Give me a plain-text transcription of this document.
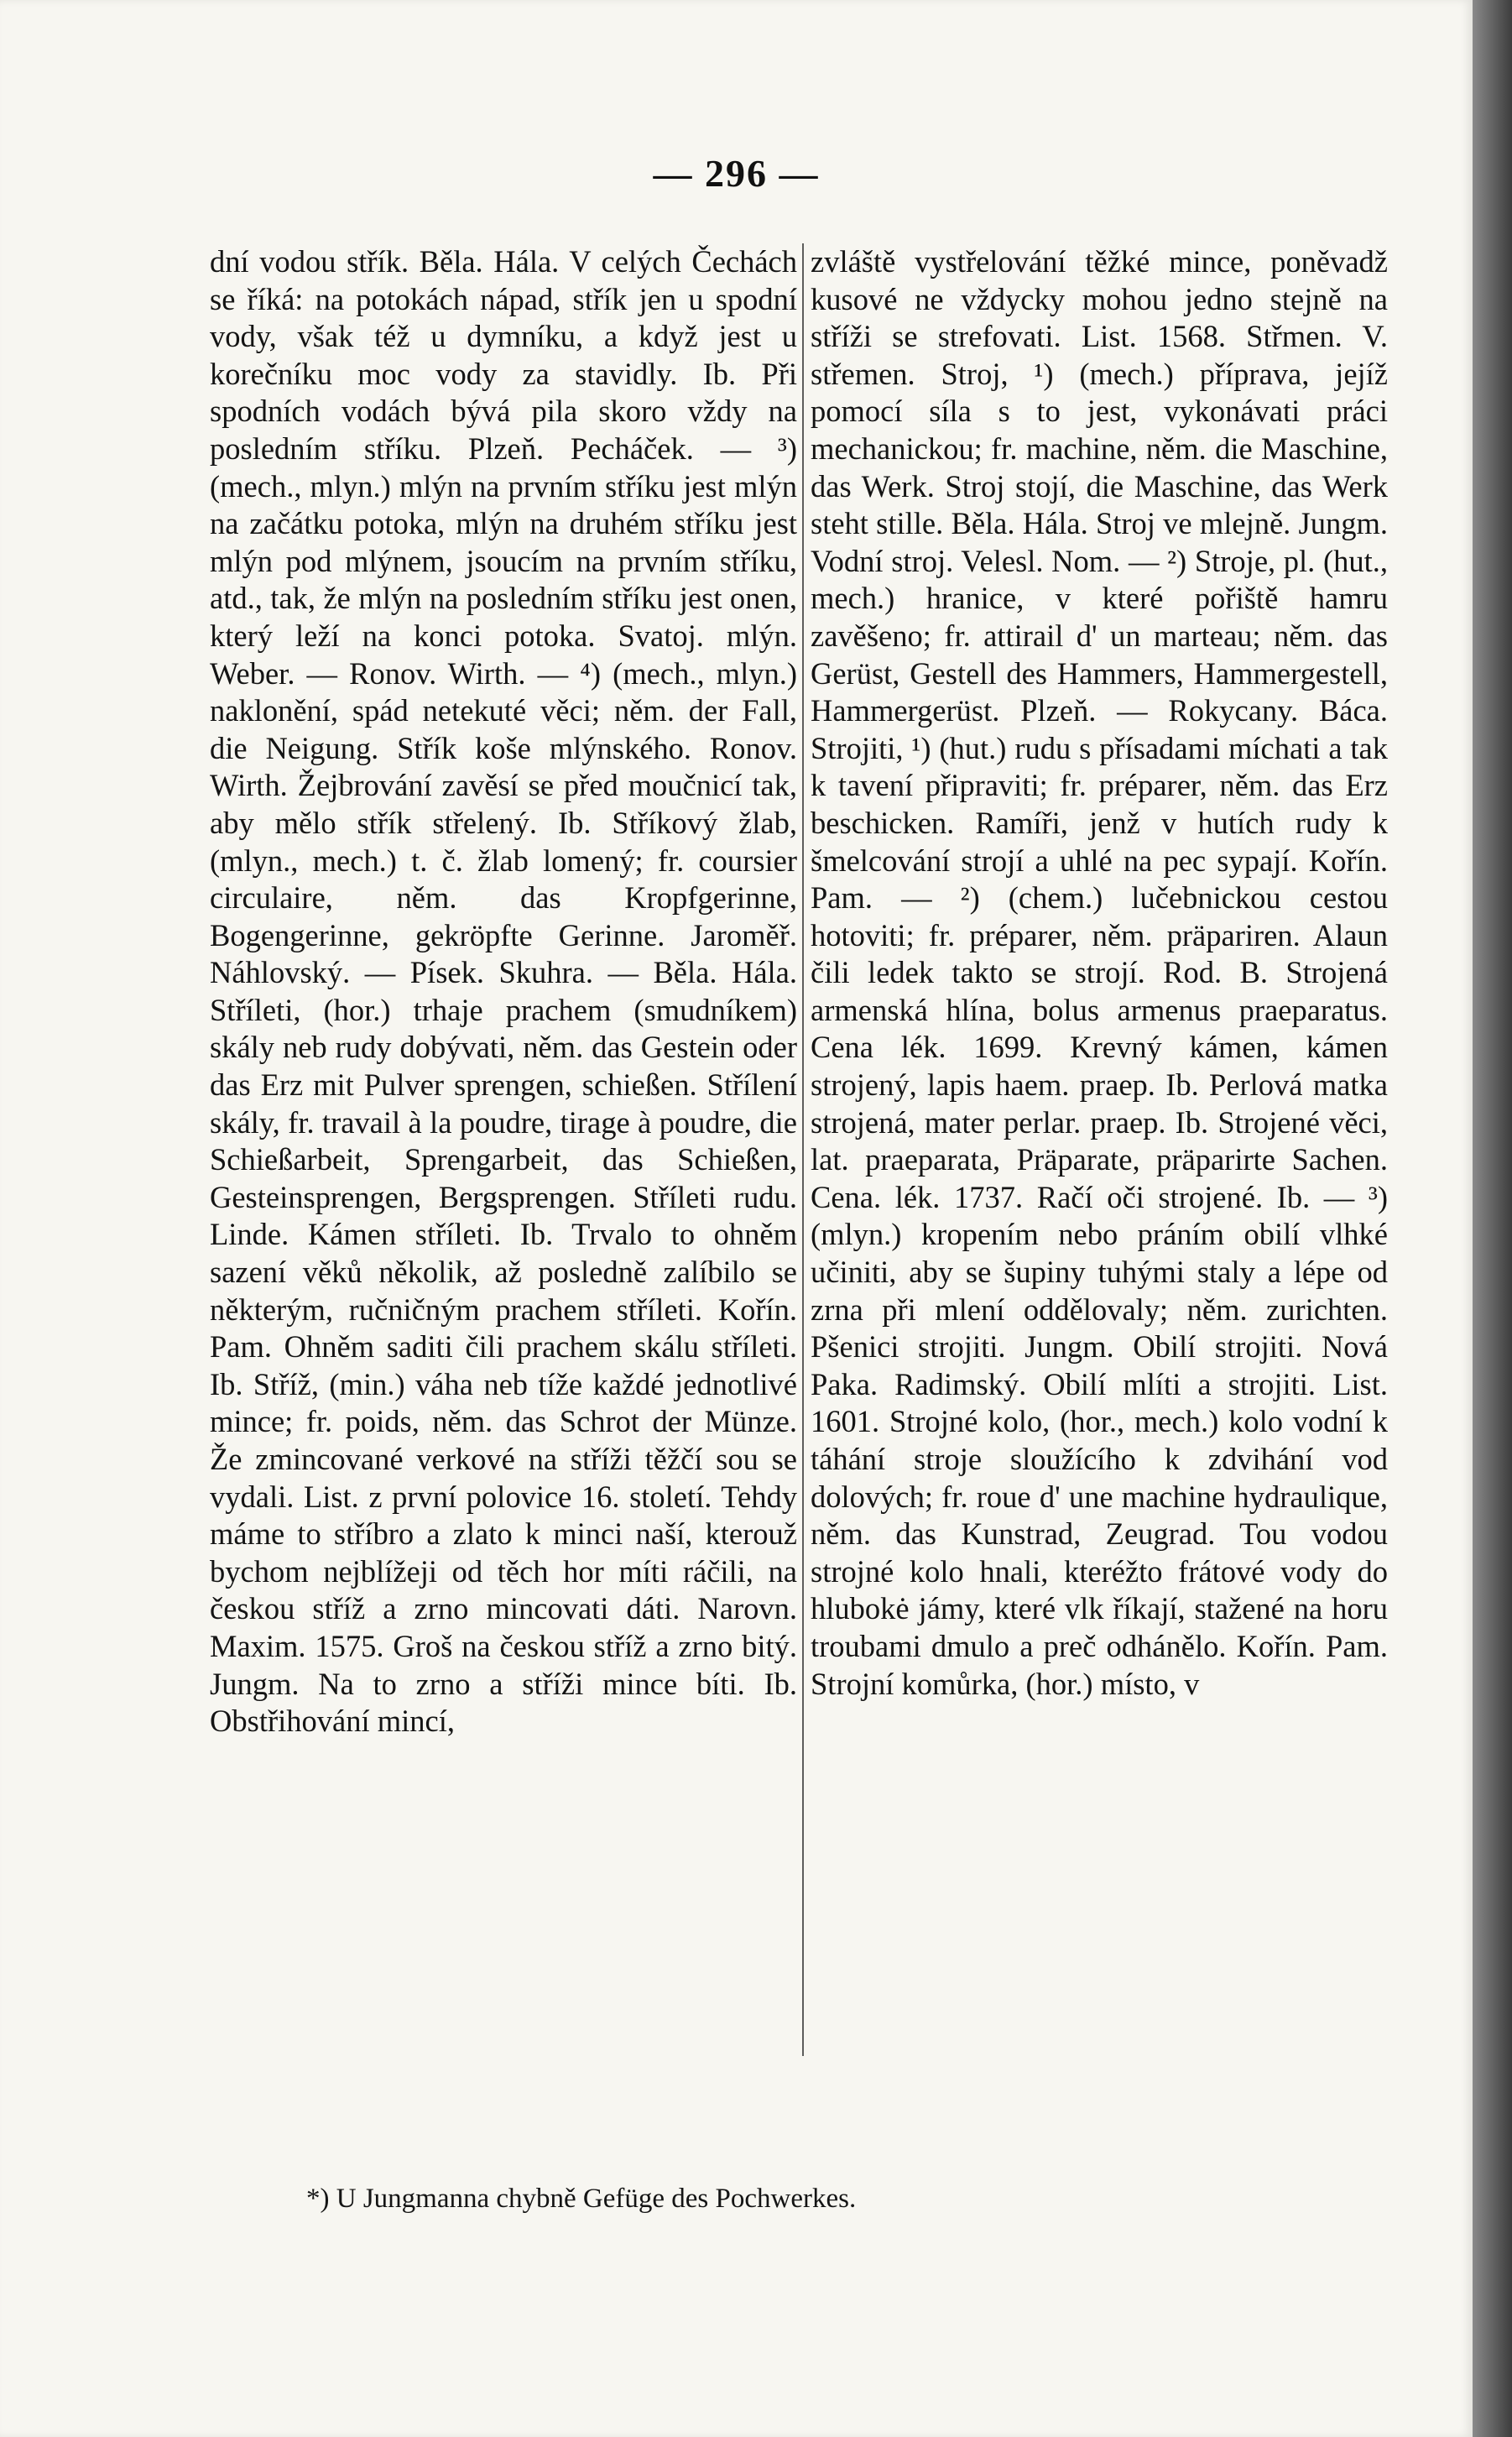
— 296 —

dní vodou střík. Běla. Hála. V celých Čechách se říká: na potokách nápad, střík jen u spodní vody, však též u dymníku, a když jest u korečníku moc vody za stavidly. Ib. Při spodních vodách bývá pila skoro vždy na posledním stříku. Plzeň. Pecháček. — ³) (mech., mlyn.) mlýn na prvním stříku jest mlýn na začátku potoka, mlýn na druhém stříku jest mlýn pod mlýnem, jsoucím na prvním stříku, atd., tak, že mlýn na posledním stříku jest onen, který leží na konci potoka. Svatoj. mlýn. Weber. — Ronov. Wirth. — ⁴) (mech., mlyn.) naklonění, spád netekuté věci; něm. der Fall, die Neigung. Střík koše mlýnského. Ronov. Wirth. Žejbrování zavěsí se před moučnicí tak, aby mělo střík střelený. Ib. Stříkový žlab, (mlyn., mech.) t. č. žlab lomený; fr. coursier circulaire, něm. das Kropfgerinne, Bogengerinne, gekröpfte Gerinne. Jaroměř. Náhlovský. — Písek. Skuhra. — Běla. Hála. Stříleti, (hor.) trhaje prachem (smudníkem) skály neb rudy dobývati, něm. das Gestein oder das Erz mit Pulver sprengen, schießen. Střílení skály, fr. travail à la poudre, tirage à poudre, die Schießarbeit, Sprengarbeit, das Schießen, Gesteinsprengen, Bergsprengen. Stříleti rudu. Linde. Kámen stříleti. Ib. Trvalo to ohněm sazení věků několik, až posledně zalíbilo se některým, ručničným prachem stříleti. Kořín. Pam. Ohněm saditi čili prachem skálu stříleti. Ib. Stříž, (min.) váha neb tíže každé jednotlivé mince; fr. poids, něm. das Schrot der Münze. Že zmincované verkové na stříži těžčí sou se vydali. List. z první polovice 16. století. Tehdy máme to stříbro a zlato k minci naší, kterouž bychom nejblížeji od těch hor míti ráčili, na českou stříž a zrno mincovati dáti. Narovn. Maxim. 1575. Groš na českou stříž a zrno bitý. Jungm. Na to zrno a stříži mince bíti. Ib. Obstřihování mincí,

zvláště vystřelování těžké mince, poněvadž kusové ne vždycky mohou jedno stejně na stříži se strefovati. List. 1568. Střmen. V. střemen. Stroj, ¹) (mech.) příprava, jejíž pomocí síla s to jest, vykonávati práci mechanickou; fr. machine, něm. die Maschine, das Werk. Stroj stojí, die Maschine, das Werk steht stille. Běla. Hála. Stroj ve mlejně. Jungm. Vodní stroj. Velesl. Nom. — ²) Stroje, pl. (hut., mech.) hranice, v které pořiště hamru zavěšeno; fr. attirail d' un marteau; něm. das Gerüst, Gestell des Hammers, Hammergestell, Hammergerüst. Plzeň. — Rokycany. Báca. Strojiti, ¹) (hut.) rudu s přísadami míchati a tak k tavení připraviti; fr. préparer, něm. das Erz beschicken. Ramíři, jenž v hutích rudy k šmelcování strojí a uhlé na pec sypají. Kořín. Pam. — ²) (chem.) lučebnickou cestou hotoviti; fr. préparer, něm. präpariren. Alaun čili ledek takto se strojí. Rod. B. Strojená armenská hlína, bolus armenus praeparatus. Cena lék. 1699. Krevný kámen, kámen strojený, lapis haem. praep. Ib. Perlová matka strojená, mater perlar. praep. Ib. Strojené věci, lat. praeparata, Präparate, präparirte Sachen. Cena. lék. 1737. Račí oči strojené. Ib. — ³) (mlyn.) kropením nebo práním obilí vlhké učiniti, aby se šupiny tuhými staly a lépe od zrna při mlení oddělovaly; něm. zurichten. Pšenici strojiti. Jungm. Obilí strojiti. Nová Paka. Radimský. Obilí mlíti a strojiti. List. 1601. Strojné kolo, (hor., mech.) kolo vodní k táhání stroje sloužícího k zdvihání vod dolových; fr. roue d' une machine hydraulique, něm. das Kunstrad, Zeugrad. Tou vodou strojné kolo hnali, kteréžto frátové vody do hlubokė jámy, které vlk říkají, stažené na horu troubami dmulo a preč odhánělo. Kořín. Pam. Strojní komůrka, (hor.) místo, v

*) U Jungmanna chybně Gefüge des Pochwerkes.
